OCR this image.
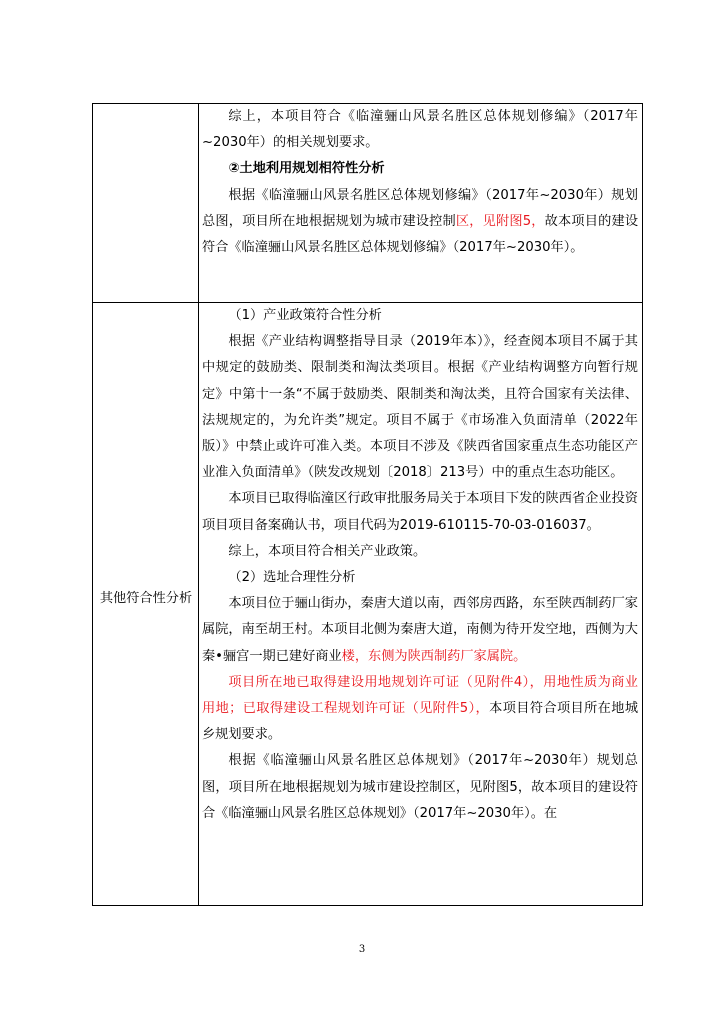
综上，本项目符合《临潼骊山风景名胜区总体规划修编》（2017年~2030年）的相关规划要求。

②土地利用规划相符性分析

根据《临潼骊山风景名胜区总体规划修编》（2017年~2030年）规划总图，项目所在地根据规划为城市建设控制区，见附图5，故本项目的建设符合《临潼骊山风景名胜区总体规划修编》（2017年~2030年）。

其他符合性分析

（1）产业政策符合性分析

根据《产业结构调整指导目录（2019年本）》，经查阅本项目不属于其中规定的鼓励类、限制类和淘汰类项目。根据《产业结构调整方向暂行规定》中第十一条“不属于鼓励类、限制类和淘汰类，且符合国家有关法律、法规规定的，为允许类”规定。项目不属于《市场准入负面清单（2022年版）》中禁止或许可准入类。本项目不涉及《陕西省国家重点生态功能区产业准入负面清单》（陕发改规划〔2018〕213号）中的重点生态功能区。

本项目已取得临潼区行政审批服务局关于本项目下发的陕西省企业投资项目项目备案确认书，项目代码为2019-610115-70-03-016037。

综上，本项目符合相关产业政策。

（2）选址合理性分析

本项目位于骊山街办，秦唐大道以南，西邻房西路，东至陕西制药厂家属院，南至胡王村。本项目北侧为秦唐大道，南侧为待开发空地，西侧为大秦•骊宫一期已建好商业楼，东侧为陕西制药厂家属院。

项目所在地已取得建设用地规划许可证（见附件4），用地性质为商业用地；已取得建设工程规划许可证（见附件5），本项目符合项目所在地城乡规划要求。

根据《临潼骊山风景名胜区总体规划》（2017年~2030年）规划总图，项目所在地根据规划为城市建设控制区，见附图5，故本项目的建设符合《临潼骊山风景名胜区总体规划》（2017年~2030年）。在

3
